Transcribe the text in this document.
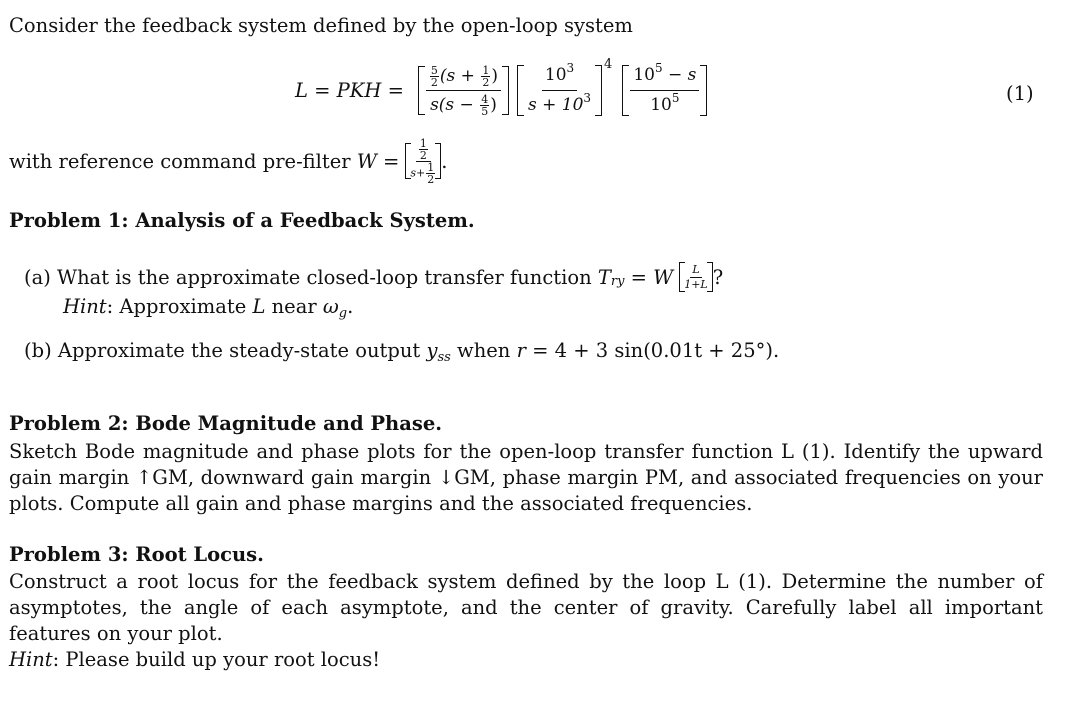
Consider the feedback system defined by the open-loop system
L = PKH = $\frac{\frac{5}{2} (s + \frac{1}{2} )}{s(s - \frac{4}{5} )} \frac{10^3}{s + 10^3} 4 \frac{10^5 - s}{10^5}$	(1)
with reference command pre-filter
$W = \frac{\frac{1}{2}}{s+ \frac{1}{2}}$ .
Problem 1: Analysis of a Feedback System.
(a)
What is the approximate closed-loop transfer function
T ry
= W L
1+L ?
Hint: Approximate L near $\omega_g$.
(b) Approximate the steady-state output $y_{ss}$ when r = 4 + 3 sin(0.01t + 25°).
Problem 2: Bode Magnitude and Phase.
Sketch Bode magnitude and phase plots for the open-loop transfer function L (1). Identify the upward gain margin ↑GM, downward gain margin ↓GM, phase margin PM, and associated frequencies on your plots. Compute all gain and phase margins and the associated frequencies.
Problem 3: Root Locus.
Construct a root locus for the feedback system defined by the loop L (1). Determine the number of asymptotes, the angle of each asymptote, and the center of gravity. Carefully label all important features on your plot.
Hint: Please build up your root locus!
